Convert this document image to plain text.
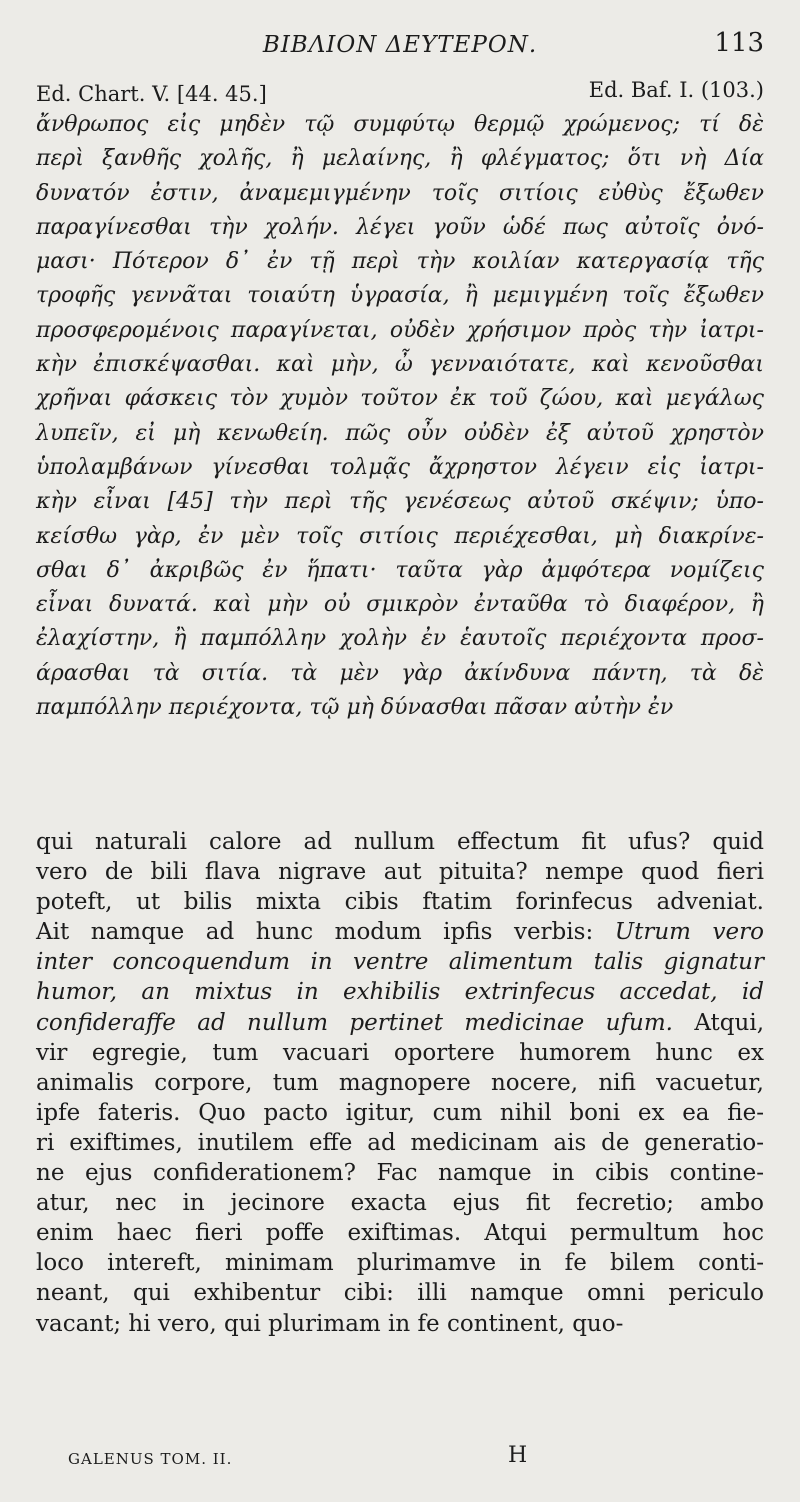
ΒΙΒΛΙΟΝ ΔΕΥΤΕΡΟΝ.	113
Ed. Chart. V. [44. 45.]	Ed. Baf. I. (103.)
ἄνθρωπος εἰς μηδὲν τῷ συμφύτῳ θερμῷ χρώμενος; τί δὲ
περὶ ξανθῆς χολῆς, ἢ μελαίνης, ἢ φλέγματος; ὅτι νὴ Δία
δυνατόν ἐστιν, ἀναμεμιγμένην τοῖς σιτίοις εὐθὺς ἔξωθεν
παραγίνεσθαι τὴν χολήν. λέγει γοῦν ὡδέ πως αὐτοῖς ὀνό-
μασι· Πότερον δ᾽ ἐν τῇ περὶ τὴν κοιλίαν κατεργασίᾳ τῆς
τροφῆς γεννᾶται τοιαύτη ὑγρασία, ἢ μεμιγμένη τοῖς ἔξωθεν
προσφερομένοις παραγίνεται, οὐδὲν χρήσιμον πρὸς τὴν ἰατρι-
κὴν ἐπισκέψασθαι. καὶ μὴν, ὦ γενναιότατε, καὶ κενοῦσθαι
χρῆναι φάσκεις τὸν χυμὸν τοῦτον ἐκ τοῦ ζώου, καὶ μεγάλως
λυπεῖν, εἰ μὴ κενωθείη. πῶς οὖν οὐδὲν ἐξ αὐτοῦ χρηστὸν
ὑπολαμβάνων γίνεσθαι τολμᾷς ἄχρηστον λέγειν εἰς ἰατρι-
κὴν εἶναι [45] τὴν περὶ τῆς γενέσεως αὐτοῦ σκέψιν; ὑπο-
κείσθω γὰρ, ἐν μὲν τοῖς σιτίοις περιέχεσθαι, μὴ διακρίνε-
σθαι δ᾽ ἀκριβῶς ἐν ἥπατι· ταῦτα γὰρ ἀμφότερα νομίζεις
εἶναι δυνατά. καὶ μὴν οὐ σμικρὸν ἐνταῦθα τὸ διαφέρον, ἢ
ἐλαχίστην, ἢ παμπόλλην χολὴν ἐν ἑαυτοῖς περιέχοντα προσ-
άρασθαι τὰ σιτία. τὰ μὲν γὰρ ἀκίνδυνα πάντη, τὰ δὲ
παμπόλλην περιέχοντα, τῷ μὴ δύνασθαι πᾶσαν αὐτὴν ἐν
qui naturali calore ad nullum effectum fit ufus? quid
vero de bili flava nigrave aut pituita? nempe quod fieri
poteft, ut bilis mixta cibis ftatim forinfecus adveniat.
Ait namque ad hunc modum ipfis verbis: Utrum vero
inter concoquendum in ventre alimentum talis gignatur
humor, an mixtus in exhibilis extrinfecus accedat, id
confideraffe ad nullum pertinet medicinae ufum. Atqui,
vir egregie, tum vacuari oportere humorem hunc ex
animalis corpore, tum magnopere nocere, nifi vacuetur,
ipfe fateris. Quo pacto igitur, cum nihil boni ex ea fie-
ri exiftimes, inutilem effe ad medicinam ais de generatio-
ne ejus confiderationem? Fac namque in cibis contine-
atur, nec in jecinore exacta ejus fit fecretio; ambo
enim haec fieri poffe exiftimas. Atqui permultum hoc
loco intereft, minimam plurimamve in fe bilem conti-
neant, qui exhibentur cibi: illi namque omni periculo
vacant; hi vero, qui plurimam in fe continent, quo-
GALENUS TOM. II.	H
